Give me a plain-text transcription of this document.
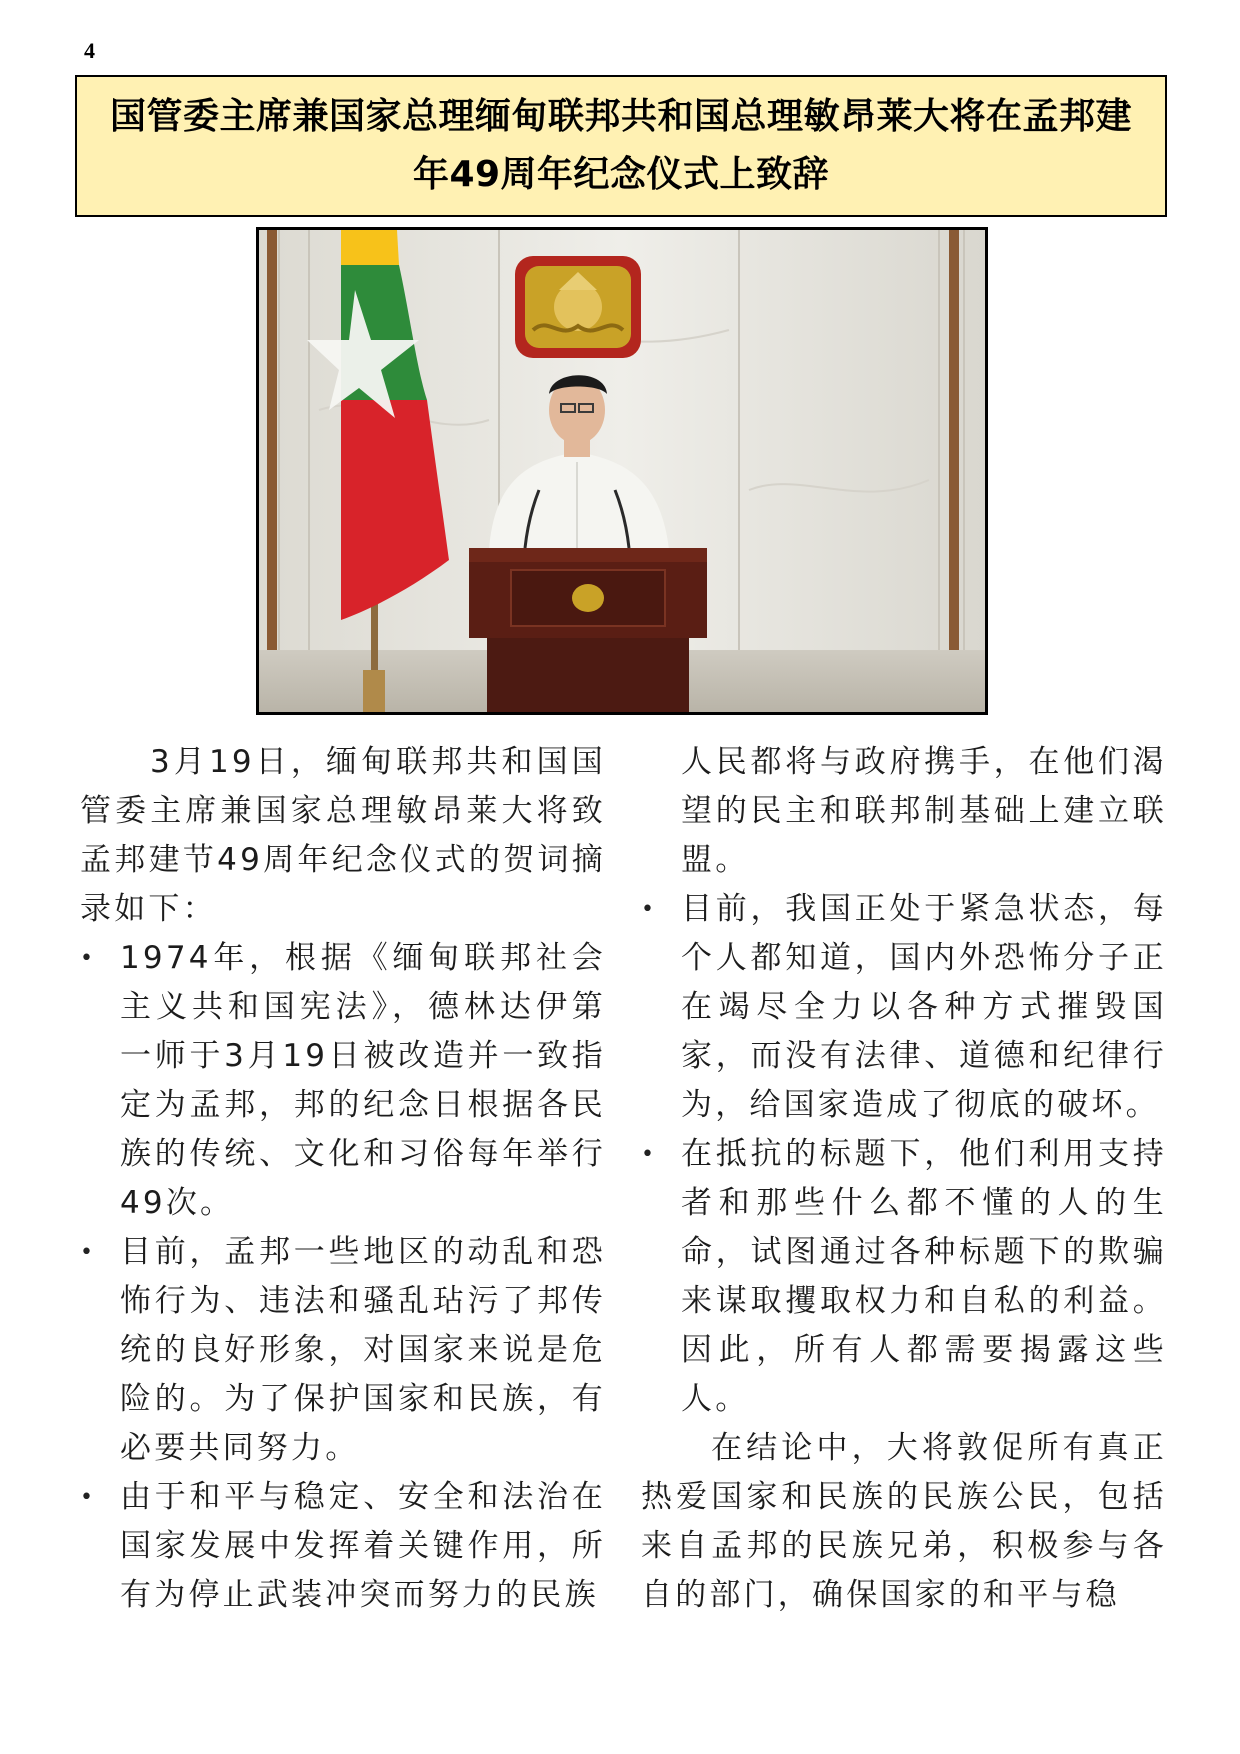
4
国管委主席兼国家总理缅甸联邦共和国总理敏昂莱大将在孟邦建年49周年纪念仪式上致辞

3月19日，缅甸联邦共和国国管委主席兼国家总理敏昂莱大将致孟邦建节49周年纪念仪式的贺词摘录如下：

• 1974年，根据《缅甸联邦社会主义共和国宪法》，德林达伊第一师于3月19日被改造并一致指定为孟邦，邦的纪念日根据各民族的传统、文化和习俗每年举行49次。
• 目前，孟邦一些地区的动乱和恐怖行为、违法和骚乱玷污了邦传统的良好形象，对国家来说是危险的。为了保护国家和民族，有必要共同努力。
• 由于和平与稳定、安全和法治在国家发展中发挥着关键作用，所有为停止武装冲突而努力的民族
人民都将与政府携手，在他们渴望的民主和联邦制基础上建立联盟。
• 目前，我国正处于紧急状态，每个人都知道，国内外恐怖分子正在竭尽全力以各种方式摧毁国家，而没有法律、道德和纪律行为，给国家造成了彻底的破坏。
• 在抵抗的标题下，他们利用支持者和那些什么都不懂的人的生命，试图通过各种标题下的欺骗来谋取攫取权力和自私的利益。因此，所有人都需要揭露这些人。

在结论中，大将敦促所有真正热爱国家和民族的民族公民，包括来自孟邦的民族兄弟，积极参与各自的部门，确保国家的和平与稳
